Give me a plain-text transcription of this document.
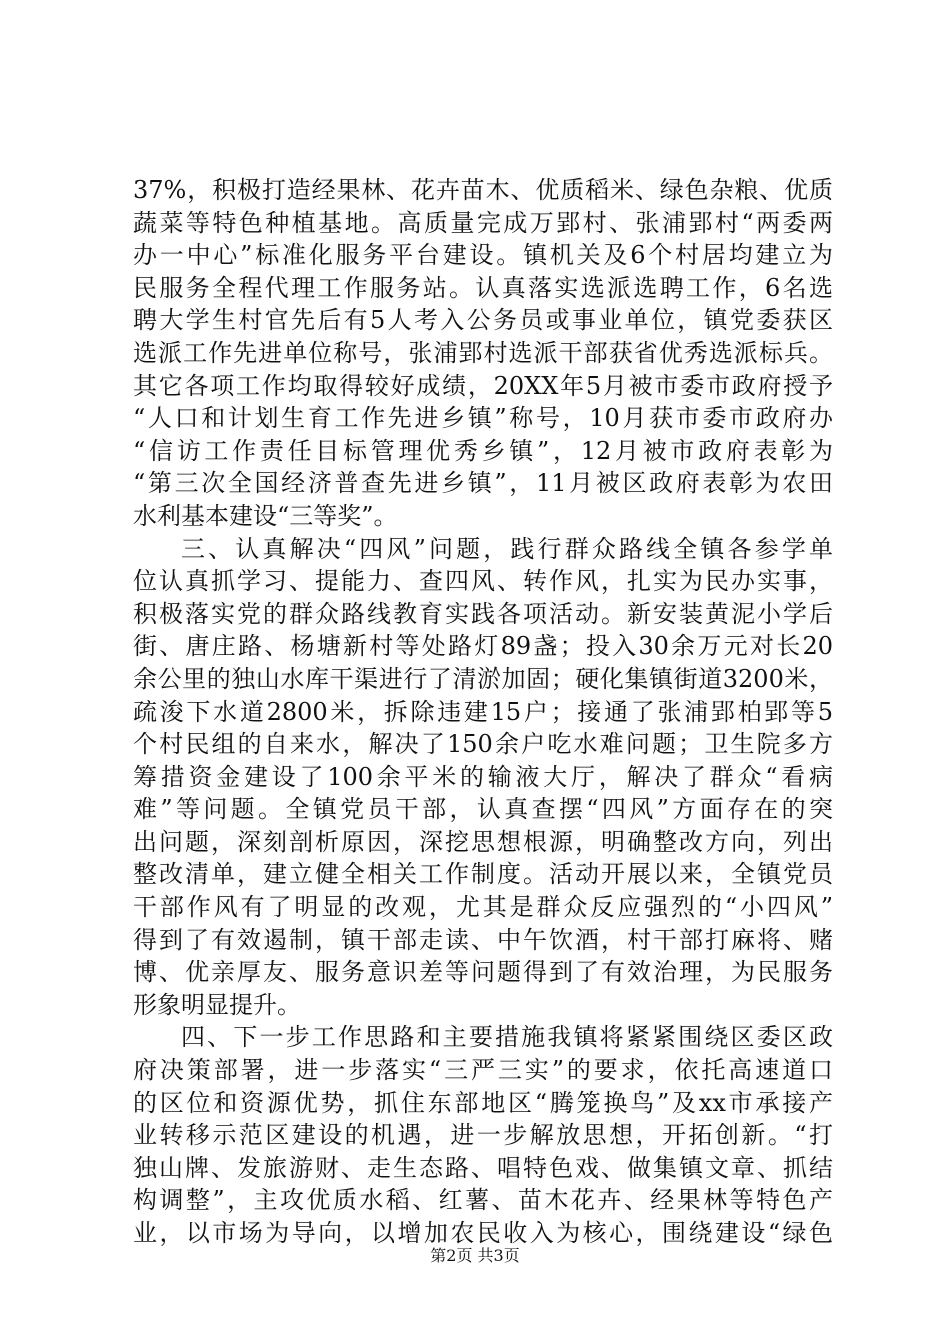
37%，积极打造经果林、花卉苗木、优质稻米、绿色杂粮、优质
蔬菜等特色种植基地。高质量完成万郢村、张浦郢村“两委两
办一中心”标准化服务平台建设。镇机关及6个村居均建立为
民服务全程代理工作服务站。认真落实选派选聘工作，6名选
聘大学生村官先后有5人考入公务员或事业单位，镇党委获区
选派工作先进单位称号，张浦郢村选派干部获省优秀选派标兵。
其它各项工作均取得较好成绩，20XX年5月被市委市政府授予
“人口和计划生育工作先进乡镇”称号，10月获市委市政府办
“信访工作责任目标管理优秀乡镇”，12月被市政府表彰为
“第三次全国经济普查先进乡镇”，11月被区政府表彰为农田
水利基本建设“三等奖”。
三、认真解决“四风”问题，践行群众路线全镇各参学单
位认真抓学习、提能力、查四风、转作风，扎实为民办实事，
积极落实党的群众路线教育实践各项活动。新安装黄泥小学后
街、唐庄路、杨塘新村等处路灯89盏；投入30余万元对长20
余公里的独山水库干渠进行了清淤加固；硬化集镇街道3200米，
疏浚下水道2800米，拆除违建15户；接通了张浦郢柏郢等5
个村民组的自来水，解决了150余户吃水难问题；卫生院多方
筹措资金建设了100余平米的输液大厅，解决了群众“看病
难”等问题。全镇党员干部，认真查摆“四风”方面存在的突
出问题，深刻剖析原因，深挖思想根源，明确整改方向，列出
整改清单，建立健全相关工作制度。活动开展以来，全镇党员
干部作风有了明显的改观，尤其是群众反应强烈的“小四风”
得到了有效遏制，镇干部走读、中午饮酒，村干部打麻将、赌
博、优亲厚友、服务意识差等问题得到了有效治理，为民服务
形象明显提升。
四、下一步工作思路和主要措施我镇将紧紧围绕区委区政
府决策部署，进一步落实“三严三实”的要求，依托高速道口
的区位和资源优势，抓住东部地区“腾笼换鸟”及xx市承接产
业转移示范区建设的机遇，进一步解放思想，开拓创新。“打
独山牌、发旅游财、走生态路、唱特色戏、做集镇文章、抓结
构调整”，主攻优质水稻、红薯、苗木花卉、经果林等特色产
业，以市场为导向，以增加农民收入为核心，围绕建设“绿色
第2页 共3页
